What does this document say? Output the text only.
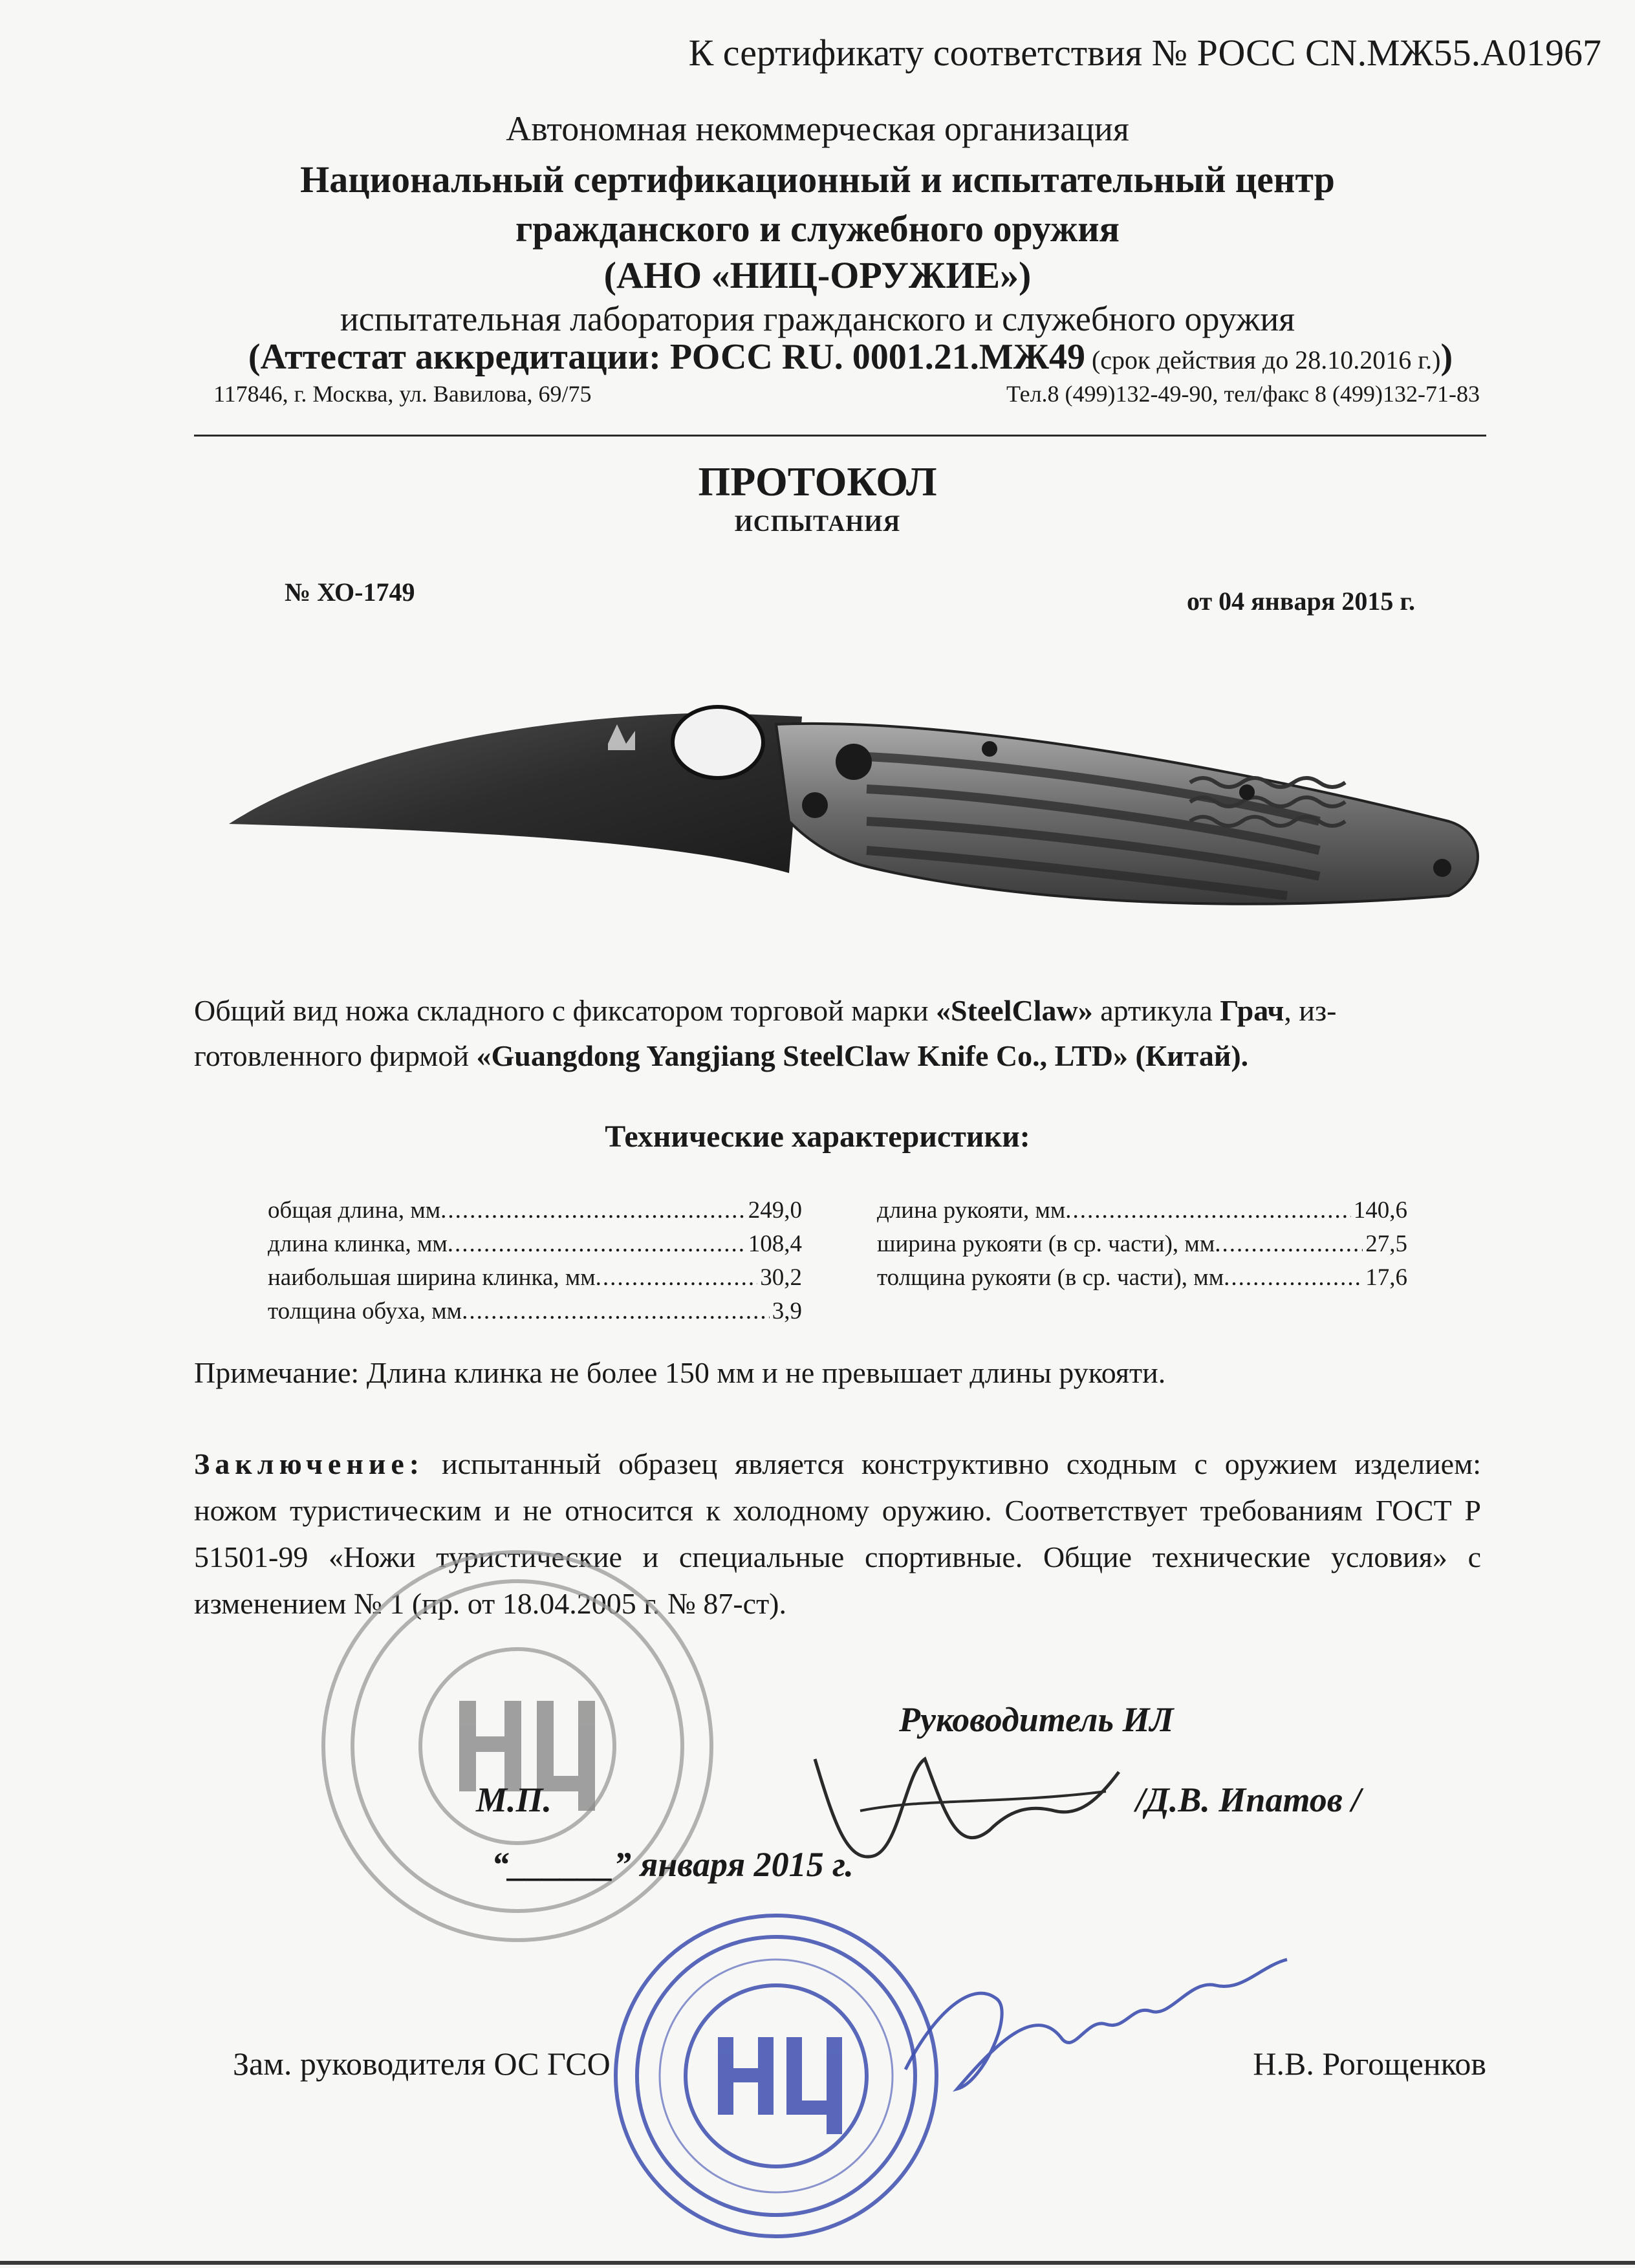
К сертификату соответствия № РОСС CN.МЖ55.А01967
Автономная некоммерческая организация
Национальный сертификационный и испытательный центр
гражданского и служебного оружия
(АНО «НИЦ-ОРУЖИЕ»)
испытательная лаборатория гражданского и служебного оружия
(Аттестат аккредитации: РОСС RU. 0001.21.МЖ49 (срок действия до 28.10.2016 г.))
117846, г. Москва, ул. Вавилова, 69/75	Тел.8 (499)132-49-90, тел/факс 8 (499)132-71-83
ПРОТОКОЛ
ИСПЫТАНИЯ
№ ХО-1749	от 04 января 2015 г.
Общий вид ножа складного с фиксатором торговой марки «SteelClaw» артикула Грач, из-готовленного фирмой «Guangdong Yangjiang SteelClaw Knife Co., LTD» (Китай).
Технические характеристики:
общая длина, мм .....	249,0
длина клинка, мм .....	108,4
наибольшая ширина клинка, мм .....	30,2
толщина обуха, мм .....	3,9
длина рукояти, мм .....	140,6
ширина рукояти (в ср. части), мм .....	27,5
толщина рукояти (в ср. части), мм .....	17,6
Примечание: Длина клинка не более 150 мм и не превышает длины рукояти.
Заключение: испытанный образец является конструктивно сходным с оружием изделием: ножом туристическим и не относится к холодному оружию. Соответствует требованиям ГОСТ Р 51501-99 «Ножи туристические и специальные спортивные. Общие технические условия» с изменением № 1 (пр. от 18.04.2005 г. № 87-ст).
Руководитель ИЛ
М.П.	/Д.В. Ипатов /
“______” января 2015 г.
Зам. руководителя ОС ГСО	Н.В. Рогощенков
